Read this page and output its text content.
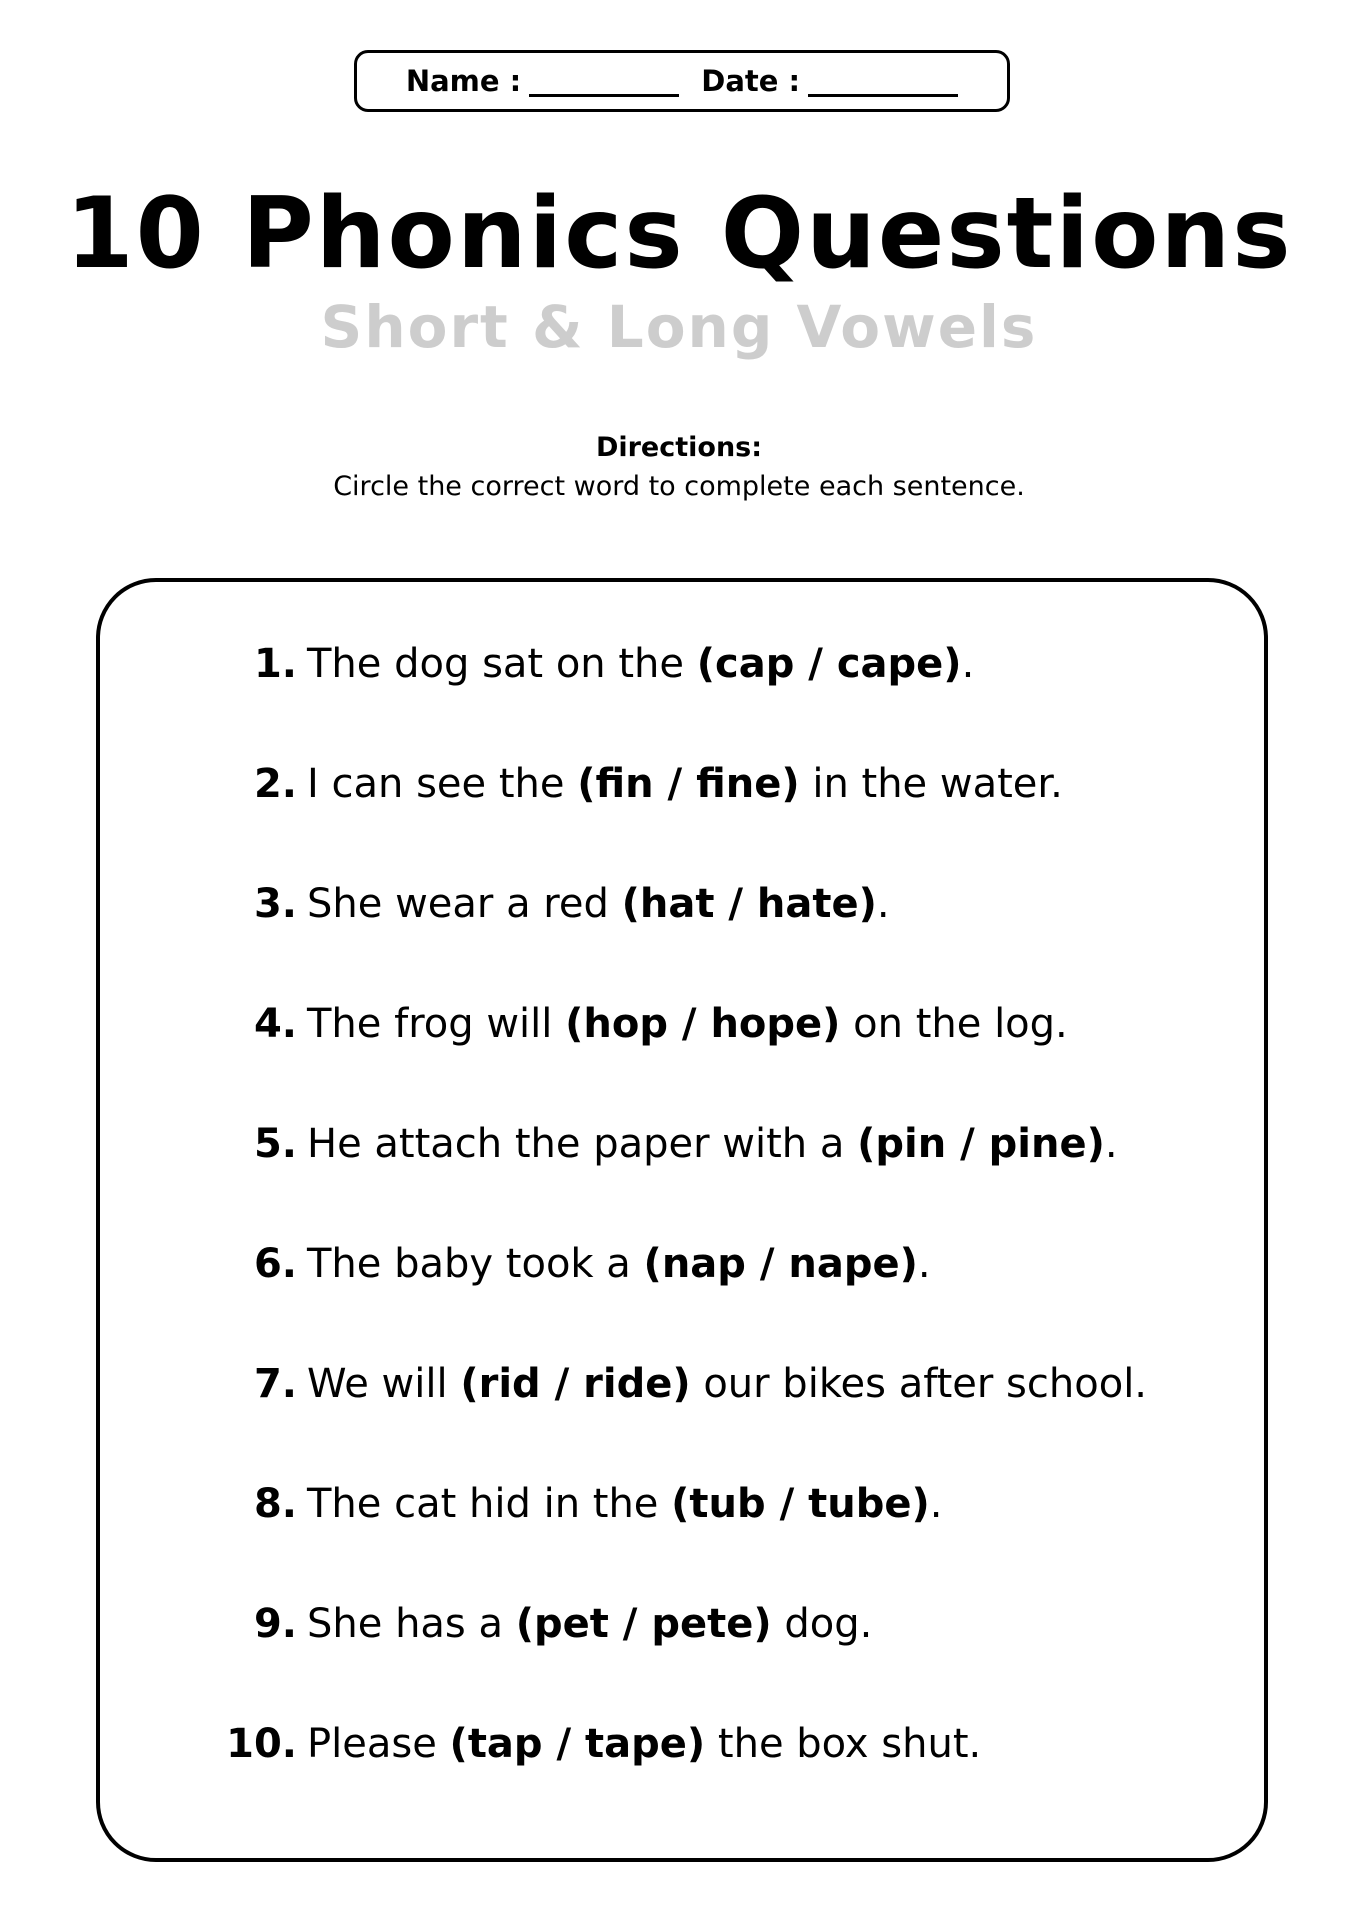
Name :	Date :
10 Phonics Questions
Short & Long Vowels
Directions:
Circle the correct word to complete each sentence.
1. The dog sat on the (cap / cape).
2. I can see the (fin / fine) in the water.
3. She wear a red (hat / hate).
4. The frog will (hop / hope) on the log.
5. He attach the paper with a (pin / pine).
6. The baby took a (nap / nape).
7. We will (rid / ride) our bikes after school.
8. The cat hid in the (tub / tube).
9. She has a (pet / pete) dog.
10. Please (tap / tape) the box shut.
